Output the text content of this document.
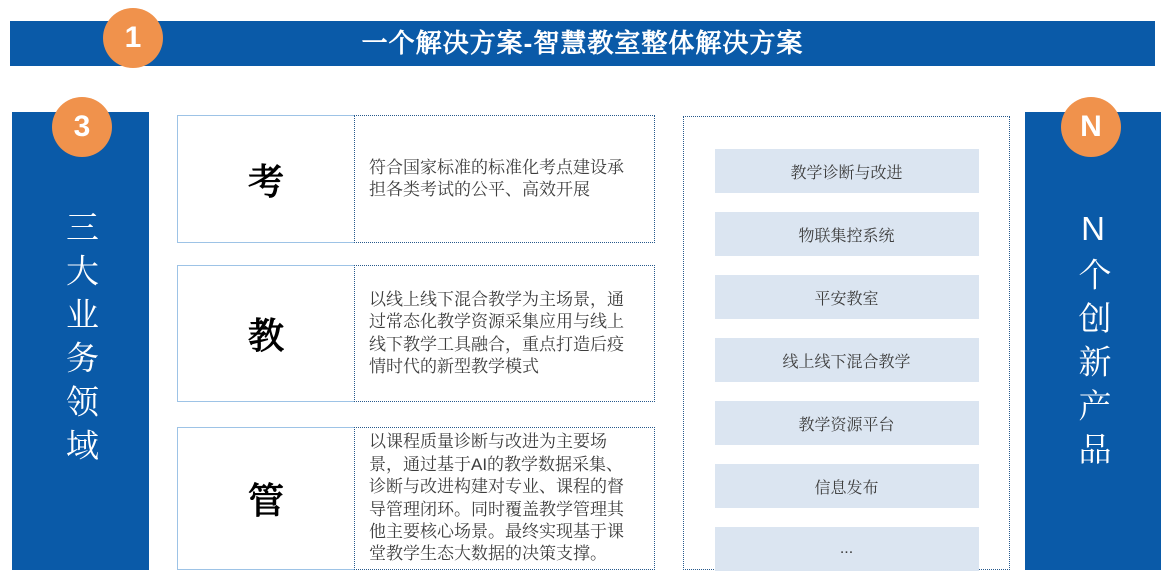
一个解决方案-智慧教室整体解决方案
1
三大业务领域
3
考	符合国家标准的标准化考点建设承担各类考试的公平、高效开展
教
以线上线下混合教学为主场景，通过常态化教学资源采集应用与线上线下教学工具融合，重点打造后疫情时代的新型教学模式
管
以课程质量诊断与改进为主要场景，通过基于AI的教学数据采集、诊断与改进构建对专业、课程的督导管理闭环。同时覆盖教学管理其他主要核心场景。最终实现基于课堂教学生态大数据的决策支撑。
教学诊断与改进
物联集控系统
平安教室
线上线下混合教学
教学资源平台
信息发布
...
N个创新产品
N
